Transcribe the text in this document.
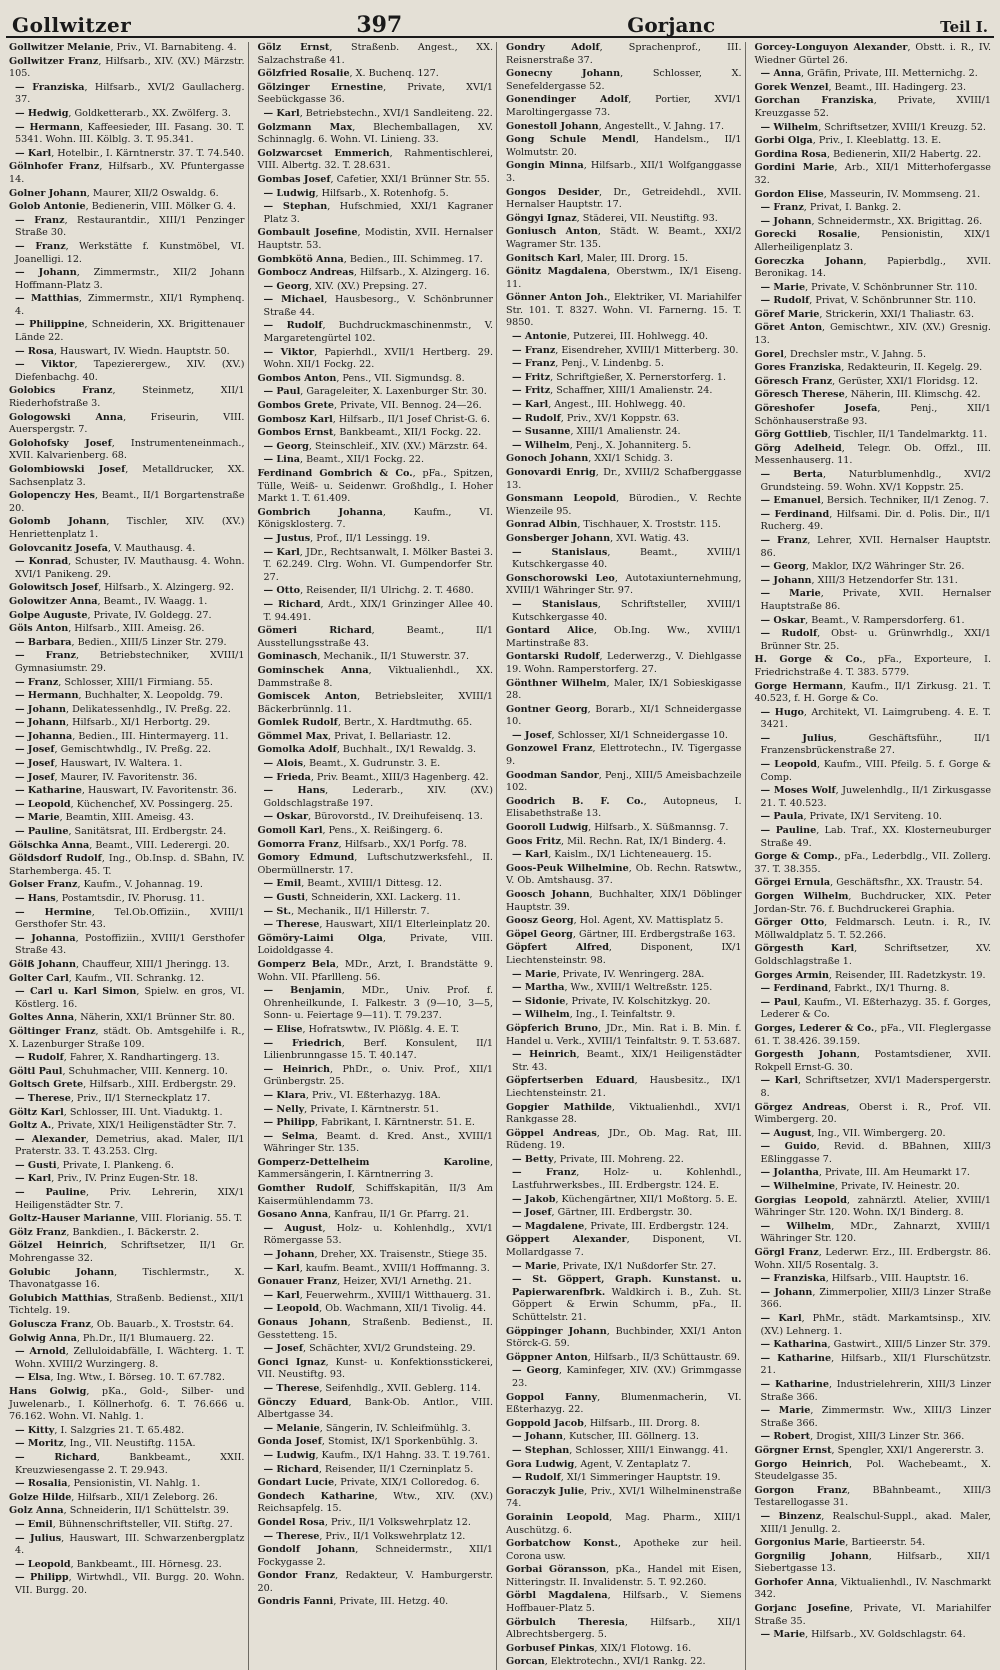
Gollwitzer	397	Gorjanc	Teil I.
Gollwitzer Melanie, Priv., VI. Barnabiteng. 4.
Gollwitzer Franz, Hilfsarb., XIV. (XV.) Märzstr. 105.
— Franziska, Hilfsarb., XVI/2 Gaullacherg. 37.
— Hedwig, Goldketterarb., XX. Zwölferg. 3.
— Hermann, Kaffeesieder, III. Fasang. 30. T. 5341. Wohn. III. Kölblg. 3. T. 95.341.
— Karl, Hotelbir., I. Kärntnerstr. 37. T. 74.540.
Gölnhofer Franz, Hilfsarb., XV. Pfuntergasse 14.
Golner Johann, Maurer, XII/2 Oswaldg. 6.
Golob Antonie, Bedienerin, VIII. Mölker G. 4.
— Franz, Restaurantdir., XIII/1 Penzinger Straße 30.
— Franz, Werkstätte f. Kunstmöbel, VI. Joanelligi. 12.
— Johann, Zimmermstr., XII/2 Johann Hoffmann-Platz 3.
— Matthias, Zimmermstr., XII/1 Rymphenq. 4.
— Philippine, Schneiderin, XX. Brigittenauer Lände 22.
— Rosa, Hauswart, IV. Wiedn. Hauptstr. 50.
— Viktor, Tapezierergew., XIV. (XV.) Diefenbachg. 40.
Golobics Franz, Steinmetz, XII/1 Riederhofstraße 3.
Gologowski Anna, Friseurin, VIII. Auerspergstr. 7.
Golohofsky Josef, Instrumenteneinmach., XVII. Kalvarienberg. 68.
Golombiowski Josef, Metalldrucker, XX. Sachsenplatz 3.
Golopenczy Hes, Beamt., II/1 Borgartenstraße 20.
Golomb Johann, Tischler, XIV. (XV.) Henriettenplatz 1.
Golovcanitz Josefa, V. Mauthausg. 4.
— Konrad, Schuster, IV. Mauthausg. 4. Wohn. XVI/1 Panikeng. 29.
Golowitsch Josef, Hilfsarb., X. Alzingerg. 92.
Golowitzer Anna, Beamt., IV. Waagg. 1.
Golpe Auguste, Private, IV. Goldegg. 27.
Göls Anton, Hilfsarb., XIII. Ameisg. 26.
— Barbara, Bedien., XIII/5 Linzer Str. 279.
— Franz, Betriebstechniker, XVIII/1 Gymnasiumstr. 29.
— Franz, Schlosser, XIII/1 Firmiang. 55.
— Hermann, Buchhalter, X. Leopoldg. 79.
— Johann, Delikatessenhdlg., IV. Preßg. 22.
— Johann, Hilfsarb., XI/1 Herbortg. 29.
— Johanna, Bedien., III. Hintermayerg. 11.
— Josef, Gemischtwhdlg., IV. Preßg. 22.
— Josef, Hauswart, IV. Waltera. 1.
— Josef, Maurer, IV. Favoritenstr. 36.
— Katharine, Hauswart, IV. Favoritenstr. 36.
— Leopold, Küchenchef, XV. Possingerg. 25.
— Marie, Beamtin, XIII. Ameisg. 43.
— Pauline, Sanitätsrat, III. Erdbergstr. 24.
Gölschka Anna, Beamt., VIII. Lederergi. 20.
Göldsdorf Rudolf, Ing., Ob.Insp. d. SBahn, IV. Starhemberga. 45. T.
Golser Franz, Kaufm., V. Johannag. 19.
— Hans, Postamtsdir., IV. Phorusg. 11.
— Hermine, Tel.Ob.Offiziin., XVIII/1 Gersthofer Str. 43.
— Johanna, Postoffiziin., XVIII/1 Gersthofer Straße 43.
Gölß Johann, Chauffeur, XIII/1 Jheringg. 13.
Golter Carl, Kaufm., VII. Schrankg. 12.
— Carl u. Karl Simon, Spielw. en gros, VI. Köstlerg. 16.
Goltes Anna, Näherin, XXI/1 Brünner Str. 80.
Göltinger Franz, städt. Ob. Amtsgehilfe i. R., X. Lazenburger Straße 109.
— Rudolf, Fahrer, X. Randhartingerg. 13.
Göltl Paul, Schuhmacher, VIII. Kennerg. 10.
Goltsch Grete, Hilfsarb., XIII. Erdbergstr. 29.
— Therese, Priv., II/1 Sterneckplatz 17.
Göltz Karl, Schlosser, III. Unt. Viaduktg. 1.
Goltz A., Private, XIX/1 Heiligenstädter Str. 7.
— Alexander, Demetrius, akad. Maler, II/1 Praterstr. 33. T. 43.253. Clrg.
— Gusti, Private, I. Plankeng. 6.
— Karl, Priv., IV. Prinz Eugen-Str. 18.
— Pauline, Priv. Lehrerin, XIX/1 Heiligenstädter Str. 7.
Goltz-Hauser Marianne, VIII. Florianig. 55. T.
Gölz Franz, Bankdien., I. Bäckerstr. 2.
Gölzel Heinrich, Schriftsetzer, II/1 Gr. Mohrengasse 32.
Golubic Johann, Tischlermstr., X. Thavonatgasse 16.
Golubich Matthias, Straßenb. Bedienst., XII/1 Tichtelg. 19.
Goluscza Franz, Ob. Bauarb., X. Troststr. 64.
Golwig Anna, Ph.Dr., II/1 Blumauerg. 22.
— Arnold, Zelluloidabfälle, I. Wächterg. 1. T. Wohn. XVIII/2 Wurzingerg. 8.
— Elsa, Ing. Wtw., I. Börseg. 10. T. 67.782.
Hans Golwig, pKa., Gold-, Silber- und Juwelenarb., I. Köllnerhofg. 6. T. 76.666 u. 76.162. Wohn. VI. Nahlg. 1.
— Kitty, I. Salzgries 21. T. 65.482.
— Moritz, Ing., VII. Neustiftg. 115A.
— Richard, Bankbeamt., XXII. Kreuzwiesengasse 2. T. 29.943.
— Rosalia, Pensionistin, VI. Nahlg. 1.
Golze Hilde, Hilfsarb., XII/1 Zeleborg. 26.
Golz Anna, Schneiderin, II/1 Schüttelstr. 39.
— Emil, Bühnenschriftsteller, VII. Stiftg. 27.
— Julius, Hauswart, III. Schwarzenbergplatz 4.
— Leopold, Bankbeamt., III. Hörnesg. 23.
— Philipp, Wirtwhdl., VII. Burgg. 20. Wohn. VII. Burgg. 20.
Gölz Ernst, Straßenb. Angest., XX. Salzachstraße 41.
Gölzfried Rosalie, X. Buchenq. 127.
Gölzinger Ernestine, Private, XVI/1 Seebückgasse 36.
— Karl, Betriebstechn., XVI/1 Sandleiteng. 22.
Golzmann Max, Blechemballagen, XV. Schinnaglg. 6. Wohn. VI. Linieng. 33.
Golzwarcset Emmerich, Rahmentischlerei, VIII. Albertg. 32. T. 28.631.
Gombas Josef, Cafetier, XXI/1 Brünner Str. 55.
— Ludwig, Hilfsarb., X. Rotenhofg. 5.
— Stephan, Hufschmied, XXI/1 Kagraner Platz 3.
Gombault Josefine, Modistin, XVII. Hernalser Hauptstr. 53.
Gombkötö Anna, Bedien., III. Schimmeg. 17.
Gombocz Andreas, Hilfsarb., X. Alzingerg. 16.
— Georg, XIV. (XV.) Prepsing. 27.
— Michael, Hausbesorg., V. Schönbrunner Straße 44.
— Rudolf, Buchdruckmaschinenmstr., V. Margaretengürtel 102.
— Viktor, Papierhdl., XVII/1 Hertberg. 29. Wohn. XII/1 Fockg. 22.
Gombos Anton, Pens., VII. Sigmundsg. 8.
— Paul, Garageleiter, X. Laxenburger Str. 30.
Gombos Grete, Private, VII. Bennog. 24—26.
Gombosz Karl, Hilfsarb., II/1 Josef Christ-G. 6.
Gombos Ernst, Bankbeamt., XII/1 Fockg. 22.
— Georg, Steinschleif., XIV. (XV.) Märzstr. 64.
— Lina, Beamt., XII/1 Fockg. 22.
Ferdinand Gombrich & Co., pFa., Spitzen, Tülle, Weiß- u. Seidenwr. Großhdlg., I. Hoher Markt 1. T. 61.409.
Gombrich Johanna, Kaufm., VI. Königsklosterg. 7.
— Justus, Prof., II/1 Lessingg. 19.
— Karl, JDr., Rechtsanwalt, I. Mölker Bastei 3. T. 62.249. Clrg. Wohn. VI. Gumpendorfer Str. 27.
— Otto, Reisender, II/1 Ulrichg. 2. T. 4680.
— Richard, Ardt., XIX/1 Grinzinger Allee 40. T. 94.491.
Gömeri Richard, Beamt., II/1 Ausstellungsstraße 43.
Gominasch, Mechanik., II/1 Stuwerstr. 37.
Gominschek Anna, Viktualienhdl., XX. Dammstraße 8.
Gomiscek Anton, Betriebsleiter, XVIII/1 Bäckerbrünnlg. 11.
Gomlek Rudolf, Bertr., X. Hardtmuthg. 65.
Gömmel Max, Privat, I. Bellariastr. 12.
Gomolka Adolf, Buchhalt., IX/1 Rewaldg. 3.
— Alois, Beamt., X. Gudrunstr. 3. E.
— Frieda, Priv. Beamt., XIII/3 Hagenberg. 42.
— Hans, Lederarb., XIV. (XV.) Goldschlagstraße 197.
— Oskar, Bürovorstd., IV. Dreihufeisenq. 13.
Gomoll Karl, Pens., X. Reißingerg. 6.
Gomorra Franz, Hilfsarb., XX/1 Porfg. 78.
Gomory Edmund, Luftschutzwerksfehl., II. Obermüllnerstr. 17.
— Emil, Beamt., XVIII/1 Dittesg. 12.
— Gusti, Schneiderin, XXI. Lackerg. 11.
— St., Mechanik., II/1 Hillerstr. 7.
— Therese, Hauswart, XII/1 Elterleinplatz 20.
Gömöry-Laimi Olga, Private, VIII. Loidoldgasse 4.
Gomperz Bela, MDr., Arzt, I. Brandstätte 9. Wohn. VII. Pfarllleng. 56.
— Benjamin, MDr., Univ. Prof. f. Ohrenheilkunde, I. Falkestr. 3 (9—10, 3—5, Sonn- u. Feiertage 9—11). T. 79.237.
— Elise, Hofratswtw., IV. Plößlg. 4. E. T.
— Friedrich, Berf. Konsulent, II/1 Lilienbrunngasse 15. T. 40.147.
— Heinrich, PhDr., o. Univ. Prof., XII/1 Grünbergstr. 25.
— Klara, Priv., VI. Eßterhazyg. 18A.
— Nelly, Private, I. Kärntnerstr. 51.
— Philipp, Fabrikant, I. Kärntnerstr. 51. E.
— Selma, Beamt. d. Kred. Anst., XVIII/1 Währinger Str. 135.
Gomperz-Dettelheim Karoline, Kammersängerin, I. Kärntnerring 3.
Gomther Rudolf, Schiffskapitän, II/3 Am Kaisermühlendamm 73.
Gosano Anna, Kanfrau, II/1 Gr. Pfarrg. 21.
— August, Holz- u. Kohlenhdlg., XVI/1 Römergasse 53.
— Johann, Dreher, XX. Traisenstr., Stiege 35.
— Karl, kaufm. Beamt., XVIII/1 Hoffmanng. 3.
Gonauer Franz, Heizer, XVI/1 Arnethg. 21.
— Karl, Feuerwehrm., XVIII/1 Witthauerg. 31.
— Leopold, Ob. Wachmann, XII/1 Tivolig. 44.
Gonaus Johann, Straßenb. Bedienst., II. Gesstetteng. 15.
— Josef, Schächter, XVI/2 Grundsteing. 29.
Gonci Ignaz, Kunst- u. Konfektionsstickerei, VII. Neustiftg. 93.
— Therese, Seifenhdlg., XVII. Geblerg. 114.
Gönczy Eduard, Bank-Ob. Antlor., VIII. Albertgasse 34.
— Melanie, Sängerin, IV. Schleifmühlg. 3.
Gonda Josef, Stomist, IX/1 Sporkenbühlg. 3.
— Ludwig, Kaufm., IX/1 Hahng. 33. T. 19.761.
— Richard, Reisender, II/1 Czerninplatz 5.
Gondart Lucie, Private, XIX/1 Colloredog. 6.
Gondech Katharine, Wtw., XIV. (XV.) Reichsapfelg. 15.
Gondel Rosa, Priv., II/1 Volkswehrplatz 12.
— Therese, Priv., II/1 Volkswehrplatz 12.
Gondolf Johann, Schneidermstr., XII/1 Fockygasse 2.
Gondor Franz, Redakteur, V. Hamburgerstr. 20.
Gondris Fanni, Private, III. Hetzg. 40.
Gondry Adolf, Sprachenprof., III. Reisnerstraße 37.
Gonecny Johann, Schlosser, X. Senefeldergasse 52.
Gonendinger Adolf, Portier, XVI/1 Maroltingergasse 73.
Gonestoll Johann, Angestellt., V. Jahng. 17.
Gong Schule Mendl, Handelsm., II/1 Wolmutstr. 20.
Gongin Minna, Hilfsarb., XII/1 Wolfganggasse 3.
Gongos Desider, Dr., Getreidehdl., XVII. Hernalser Hauptstr. 17.
Göngyi Ignaz, Städerei, VII. Neustiftg. 93.
Goniusch Anton, Städt. W. Beamt., XXI/2 Wagramer Str. 135.
Gonitsch Karl, Maler, III. Drorg. 15.
Gönitz Magdalena, Oberstwm., IX/1 Eiseng. 11.
Gönner Anton Joh., Elektriker, VI. Mariahilfer Str. 101. T. 8327. Wohn. VI. Farnerng. 15. T. 9850.
— Antonie, Putzerei, III. Hohlwegg. 40.
— Franz, Eisendreher, XVIII/1 Mitterberg. 30.
— Franz, Penj., V. Lindenbg. 5.
— Fritz, Schriftgießer, X. Pernerstorferg. 1.
— Fritz, Schaffner, XIII/1 Amalienstr. 24.
— Karl, Angest., III. Hohlwegg. 40.
— Rudolf, Priv., XV/1 Koppstr. 63.
— Susanne, XIII/1 Amalienstr. 24.
— Wilhelm, Penj., X. Johanniterg. 5.
Gonoch Johann, XXI/1 Schidg. 3.
Gonovardi Enrig, Dr., XVIII/2 Schafberggasse 13.
Gonsmann Leopold, Bürodien., V. Rechte Wienzeile 95.
Gonrad Albin, Tischhauer, X. Troststr. 115.
Gonsberger Johann, XVI. Watig. 43.
— Stanislaus, Beamt., XVIII/1 Kutschkergasse 40.
Gonschorowski Leo, Autotaxiunternehmung, XVIII/1 Währinger Str. 97.
— Stanislaus, Schriftsteller, XVIII/1 Kutschkergasse 40.
Gontard Alice, Ob.Ing. Ww., XVIII/1 Martinstraße 83.
Gontarski Rudolf, Lederwerzg., V. Diehlgasse 19. Wohn. Ramperstorferg. 27.
Gönthner Wilhelm, Maler, IX/1 Sobieskigasse 28.
Gontner Georg, Borarb., XI/1 Schneidergasse 10.
— Josef, Schlosser, XI/1 Schneidergasse 10.
Gonzowel Franz, Elettrotechn., IV. Tigergasse 9.
Goodman Sandor, Penj., XIII/5 Ameisbachzeile 102.
Goodrich B. F. Co., Autopneus, I. Elisabethstraße 13.
Gooroll Ludwig, Hilfsarb., X. Süßmannsg. 7.
Goos Fritz, Mil. Rechn. Rat, IX/1 Binderg. 4.
— Karl, Kaislm., IX/1 Lichteneauerg. 15.
Goos-Peuk Wilhelmine, Ob. Rechn. Ratswtw., V. Ob. Amtshausg. 37.
Goosch Johann, Buchhalter, XIX/1 Döblinger Hauptstr. 39.
Goosz Georg, Hol. Agent, XV. Mattisplatz 5.
Göpel Georg, Gärtner, III. Erdbergstraße 163.
Göpfert Alfred, Disponent, IX/1 Liechtensteinstr. 98.
— Marie, Private, IV. Wenringerg. 28A.
— Martha, Ww., XVIII/1 Weltreßstr. 125.
— Sidonie, Private, IV. Kolschitzkyg. 20.
— Wilhelm, Ing., I. Teinfaltstr. 9.
Göpferich Bruno, JDr., Min. Rat i. B. Min. f. Handel u. Verk., XVIII/1 Teinfaltstr. 9. T. 53.687.
— Heinrich, Beamt., XIX/1 Heiligenstädter Str. 43.
Göpfertserben Eduard, Hausbesitz., IX/1 Liechtensteinstr. 21.
Gopgier Mathilde, Viktualienhdl., XVI/1 Rankgasse 28.
Göppel Andreas, JDr., Ob. Mag. Rat, III. Rüdeng. 19.
— Betty, Private, III. Mohreng. 22.
— Franz, Holz- u. Kohlenhdl., Lastfuhrwerksbes., III. Erdbergstr. 124. E.
— Jakob, Küchengärtner, XII/1 Moßtorg. 5. E.
— Josef, Gärtner, III. Erdbergstr. 30.
— Magdalene, Private, III. Erdbergstr. 124.
Göppert Alexander, Disponent, VI. Mollardgasse 7.
— Marie, Private, IX/1 Nußdorfer Str. 27.
— St. Göppert, Graph. Kunstanst. u. Papierwarenfbrk. Waldkirch i. B., Zuh. St. Göppert & Erwin Schumm, pFa., II. Schüttelstr. 21.
Göppinger Johann, Buchbinder, XXI/1 Anton Störck-G. 59.
Göppner Anton, Hilfsarb., II/3 Schüttaustr. 69.
— Georg, Kaminfeger, XIV. (XV.) Grimmgasse 23.
Goppol Fanny, Blumenmacherin, VI. Eßterhazyg. 22.
Goppold Jacob, Hilfsarb., III. Drorg. 8.
— Johann, Kutscher, III. Göllnerg. 13.
— Stephan, Schlosser, XIII/1 Einwangg. 41.
Gora Ludwig, Agent, V. Zentaplatz 7.
— Rudolf, XI/1 Simmeringer Hauptstr. 19.
Goraczyk Julie, Priv., XVI/1 Wilhelminenstraße 74.
Gorainin Leopold, Mag. Pharm., XIII/1 Auschützg. 6.
Gorbatchow Konst., Apotheke zur heil. Corona usw.
Gorbai Göransson, pKa., Handel mit Eisen, Nitteringstr. II. Invalidenstr. 5. T. 92.260.
Görbl Magdalena, Hilfsarb., V. Siemens Hoffbauer-Platz 5.
Görbulch Theresia, Hilfsarb., XII/1 Albrechtsbergerg. 5.
Gorbusef Pinkas, XIX/1 Flotowg. 16.
Gorcan, Elektrotechn., XVI/1 Rankg. 22.
Gorcey-Longuyon Alexander, Obstt. i. R., IV. Wiedner Gürtel 26.
— Anna, Gräfin, Private, III. Metternichg. 2.
Gorek Wenzel, Beamt., III. Hadingerg. 23.
Gorchan Franziska, Private, XVIII/1 Kreuzgasse 52.
— Wilhelm, Schriftsetzer, XVIII/1 Kreuzg. 52.
Gorbi Olga, Priv., I. Kleeblattg. 13. E.
Gordina Rosa, Bedienerin, XII/2 Habertg. 22.
Gordini Marie, Arb., XII/1 Mitterhofergasse 32.
Gordon Elise, Masseurin, IV. Mommseng. 21.
— Franz, Privat, I. Bankg. 2.
— Johann, Schneidermstr., XX. Brigittag. 26.
Gorecki Rosalie, Pensionistin, XIX/1 Allerheiligenplatz 3.
Goreczka Johann, Papierbdlg., XVII. Beronikag. 14.
— Marie, Private, V. Schönbrunner Str. 110.
— Rudolf, Privat, V. Schönbrunner Str. 110.
Göref Marie, Strickerin, XXI/1 Thaliastr. 63.
Göret Anton, Gemischtwr., XIV. (XV.) Gresnig. 13.
Gorel, Drechsler mstr., V. Jahng. 5.
Gores Franziska, Redakteurin, II. Kegelg. 29.
Göresch Franz, Gerüster, XXI/1 Floridsg. 12.
Göresch Therese, Näherin, III. Klimschg. 42.
Göreshofer Josefa, Penj., XII/1 Schönhauserstraße 93.
Görg Gottlieb, Tischler, II/1 Tandelmarktg. 11.
Görg Adelheid, Telegr. Ob. Offzl., III. Messenhauserg. 11.
— Berta, Naturblumenhdlg., XVI/2 Grundsteing. 59. Wohn. XV/1 Koppstr. 25.
— Emanuel, Bersich. Techniker, II/1 Zenog. 7.
— Ferdinand, Hilfsami. Dir. d. Polis. Dir., II/1 Rucherg. 49.
— Franz, Lehrer, XVII. Hernalser Hauptstr. 86.
— Georg, Maklor, IX/2 Währinger Str. 26.
— Johann, XIII/3 Hetzendorfer Str. 131.
— Marie, Private, XVII. Hernalser Hauptstraße 86.
— Oskar, Beamt., V. Rampersdorferg. 61.
— Rudolf, Obst- u. Grünwrhdlg., XXI/1 Brünner Str. 25.
H. Gorge & Co., pFa., Exporteure, I. Friedrichstraße 4. T. 383. 5779.
Gorge Hermann, Kaufm., II/1 Zirkusg. 21. T. 40.523, f. H. Gorge & Co.
— Hugo, Architekt, VI. Laimgrubeng. 4. E. T. 3421.
— Julius, Geschäftsführ., II/1 Franzensbrückenstraße 27.
— Leopold, Kaufm., VIII. Pfeilg. 5. f. Gorge & Comp.
— Moses Wolf, Juwelenhdlg., II/1 Zirkusgasse 21. T. 40.523.
— Paula, Private, IX/1 Serviteng. 10.
— Pauline, Lab. Traf., XX. Klosterneuburger Straße 49.
Gorge & Comp., pFa., Lederbdlg., VII. Zollerg. 37. T. 38.355.
Görgei Ernula, Geschäftsfhr., XX. Traustr. 54.
Gorgen Wilhelm, Buchdrucker, XIX. Peter Jordan-Str. 76. f. Buchdruckerei Graphia.
Görger Otto, Feldmarsch. Leutn. i. R., IV. Möllwaldplatz 5. T. 52.266.
Görgesth Karl, Schriftsetzer, XV. Goldschlagstraße 1.
Gorges Armin, Reisender, III. Radetzkystr. 19.
— Ferdinand, Fabrkt., IX/1 Thurng. 8.
— Paul, Kaufm., VI. Eßterhazyg. 35. f. Gorges, Lederer & Co.
Gorges, Lederer & Co., pFa., VII. Fleglergasse 61. T. 38.426. 39.159.
Gorgesth Johann, Postamtsdiener, XVII. Rokpell Ernst-G. 30.
— Karl, Schriftsetzer, XVI/1 Maderspergerstr. 8.
Görgez Andreas, Oberst i. R., Prof. VII. Wimbergerg. 20.
— August, Ing., VII. Wimbergerg. 20.
— Guido, Revid. d. BBahnen, XIII/3 Eßlinggasse 7.
— Jolantha, Private, III. Am Heumarkt 17.
— Wilhelmine, Private, IV. Heinestr. 20.
Gorgias Leopold, zahnärztl. Atelier, XVIII/1 Währinger Str. 120. Wohn. IX/1 Binderg. 8.
— Wilhelm, MDr., Zahnarzt, XVIII/1 Währinger Str. 120.
Görgl Franz, Lederwr. Erz., III. Erdbergstr. 86. Wohn. XII/5 Rosentalg. 3.
— Franziska, Hilfsarb., VIII. Hauptstr. 16.
— Johann, Zimmerpolier, XIII/3 Linzer Straße 366.
— Karl, PhMr., städt. Markamtsinsp., XIV. (XV.) Lehnerg. 1.
— Katharina, Gastwirt., XIII/5 Linzer Str. 379.
— Katharine, Hilfsarb., XII/1 Flurschützstr. 21.
— Katharine, Industrielehrerin, XIII/3 Linzer Straße 366.
— Marie, Zimmermstr. Ww., XIII/3 Linzer Straße 366.
— Robert, Drogist, XIII/3 Linzer Str. 366.
Görgner Ernst, Spengler, XXI/1 Angererstr. 3.
Gorgo Heinrich, Pol. Wachebeamt., X. Steudelgasse 35.
Gorgon Franz, BBahnbeamt., XIII/3 Testarellogasse 31.
— Binzenz, Realschul-Suppl., akad. Maler, XIII/1 Jenullg. 2.
Gorgonius Marie, Bartieerstr. 54.
Gorgnilig Johann, Hilfsarb., XII/1 Siebertgasse 13.
Gorhofer Anna, Viktualienhdl., IV. Naschmarkt 342.
Gorjanc Josefine, Private, VI. Mariahilfer Straße 35.
— Marie, Hilfsarb., XV. Goldschlagstr. 64.
